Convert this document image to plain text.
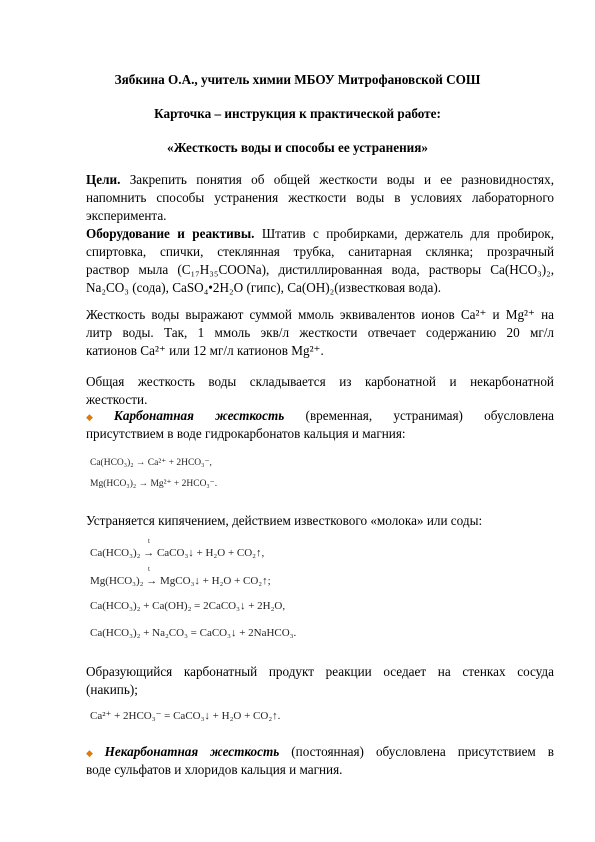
Зябкина О.А., учитель химии МБОУ Митрофановской СОШ
Карточка – инструкция к практической работе:
«Жесткость воды и способы ее устранения»
Цели. Закрепить понятия об общей жесткости воды и ее разновидностях,
напомнить способы устранения жесткости воды в условиях лабораторного
эксперимента.
Оборудование и реактивы. Штатив с пробирками, держатель для пробирок,
спиртовка, спички, стеклянная трубка, санитарная склянка; прозрачный
раствор мыла (C₁₇H₃₅COONa), дистиллированная вода, растворы Ca(HCO₃)₂,
Na₂CO₃ (сода), CaSO₄•2H₂O (гипс), Ca(OH)₂(известковая вода).
Жесткость воды выражают суммой ммоль эквивалентов ионов Ca²⁺ и Mg²⁺ на
литр воды. Так, 1 ммоль экв/л жесткости отвечает содержанию 20 мг/л
катионов Ca²⁺ или 12 мг/л катионов Mg²⁺.
Общая жесткость воды складывается из карбонатной и некарбонатной
жесткости.
◆ Карбонатная жесткость (временная, устранимая) обусловлена
присутствием в воде гидрокарбонатов кальция и магния:
Ca(HCO₃)₂ → Ca²⁺ + 2HCO₃⁻,
Mg(HCO₃)₂ → Mg²⁺ + 2HCO₃⁻.
Устраняется кипячением, действием известкового «молока» или соды:
t
Ca(HCO₃)₂ → CaCO₃↓ + H₂O + CO₂↑,
t
Mg(HCO₃)₂ → MgCO₃↓ + H₂O + CO₂↑;
Ca(HCO₃)₂ + Ca(OH)₂ = 2CaCO₃↓ + 2H₂O,
Ca(HCO₃)₂ + Na₂CO₃ = CaCO₃↓ + 2NaHCO₃.
Образующийся карбонатный продукт реакции оседает на стенках сосуда
(накипь);
Ca²⁺ + 2HCO₃⁻ = CaCO₃↓ + H₂O + CO₂↑.
◆ Некарбонатная жесткость (постоянная) обусловлена присутствием в
воде сульфатов и хлоридов кальция и магния.
